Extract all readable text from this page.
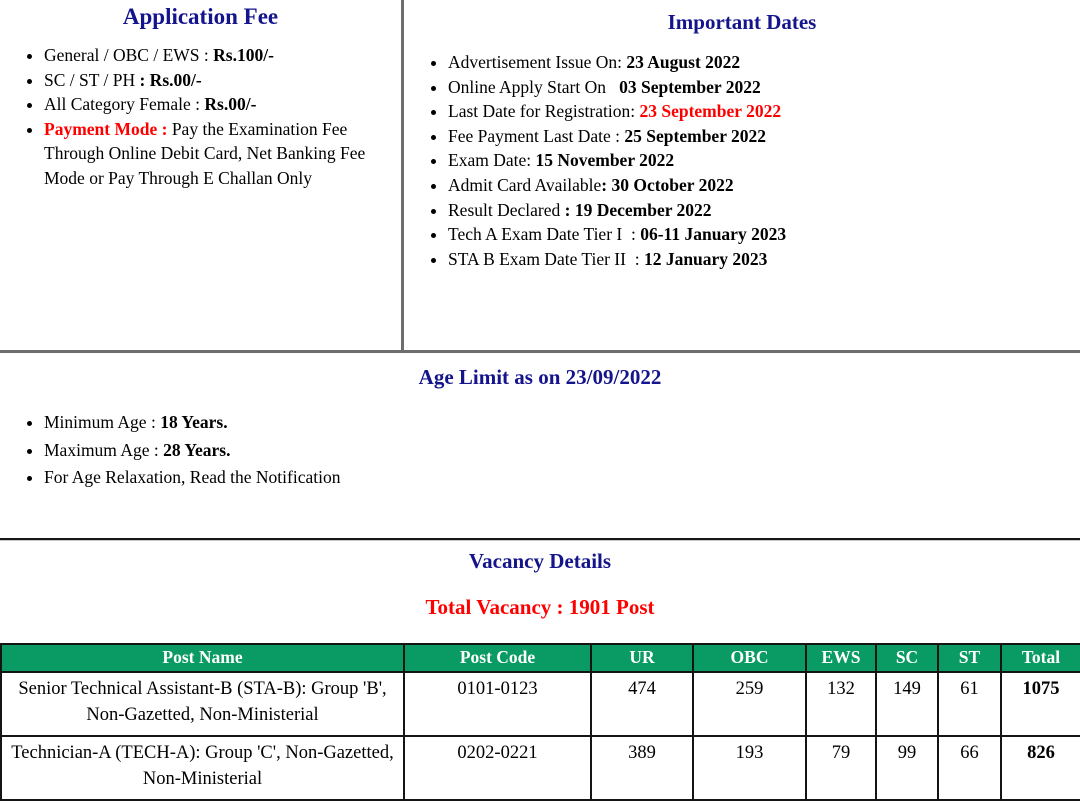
Application Fee
• General / OBC / EWS : Rs.100/-
• SC / ST / PH : Rs.00/-
• All Category Female : Rs.00/-
• Payment Mode : Pay the Examination Fee Through Online Debit Card, Net Banking Fee Mode or Pay Through E Challan Only
Important Dates
• Advertisement Issue On: 23 August 2022
• Online Apply Start On   03 September 2022
• Last Date for Registration: 23 September 2022
• Fee Payment Last Date : 25 September 2022
• Exam Date: 15 November 2022
• Admit Card Available: 30 October 2022
• Result Declared : 19 December 2022
• Tech A Exam Date Tier I  : 06-11 January 2023
• STA B Exam Date Tier II  : 12 January 2023
Age Limit as on 23/09/2022
• Minimum Age : 18 Years.
• Maximum Age : 28 Years.
• For Age Relaxation, Read the Notification
Vacancy Details
Total Vacancy : 1901 Post
Post Name	Post Code	UR	OBC	EWS	SC	ST	Total
Senior Technical Assistant-B (STA-B): Group 'B', Non-Gazetted, Non-Ministerial	0101-0123	474	259	132	149	61	1075
Technician-A (TECH-A): Group 'C', Non-Gazetted, Non-Ministerial	0202-0221	389	193	79	99	66	826
